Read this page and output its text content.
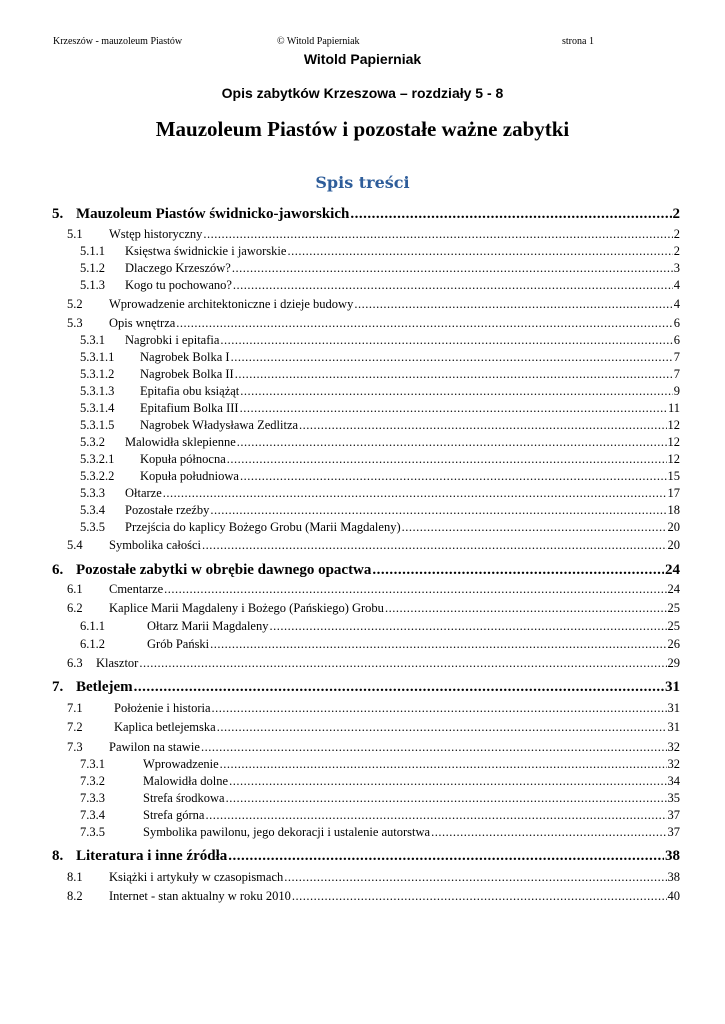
Krzeszów - mauzoleum Piastów	© Witold Papierniak	strona 1
Witold Papierniak
Opis zabytków Krzeszowa – rozdziały 5 - 8
Mauzoleum Piastów i pozostałe ważne zabytki
Spis treści
5. Mauzoleum Piastów świdnicko-jaworskich .....	2
5.1	Wstęp historyczny .....	2
5.1.1	Księstwa świdnickie i jaworskie .....	2
5.1.2	Dlaczego Krzeszów? .....	3
5.1.3	Kogo tu pochowano? .....	4
5.2	Wprowadzenie architektoniczne i dzieje budowy .....	4
5.3	Opis wnętrza .....	6
5.3.1	Nagrobki i epitafia .....	6
5.3.1.1	Nagrobek Bolka I .....	7
5.3.1.2	Nagrobek Bolka II .....	7
5.3.1.3	Epitafia obu książąt .....	9
5.3.1.4	Epitafium Bolka III .....	11
5.3.1.5	Nagrobek Władysława Zedlitza .....	12
5.3.2	Malowidła sklepienne .....	12
5.3.2.1	Kopuła północna .....	12
5.3.2.2	Kopuła południowa .....	15
5.3.3	Ołtarze .....	17
5.3.4	Pozostałe rzeźby .....	18
5.3.5	Przejścia do kaplicy Bożego Grobu (Marii Magdaleny) .....	20
5.4	Symbolika całości .....	20
6. Pozostałe zabytki w obrębie dawnego opactwa .....	24
6.1	Cmentarze .....	24
6.2	Kaplice Marii Magdaleny i Bożego (Pańskiego) Grobu .....	25
6.1.1	Ołtarz Marii Magdaleny .....	25
6.1.2	Grób Pański .....	26
6.3	Klasztor .....	29
7. Betlejem .....	31
7.1	Położenie i historia .....	31
7.2	Kaplica betlejemska .....	31
7.3	Pawilon na stawie .....	32
7.3.1	Wprowadzenie .....	32
7.3.2	Malowidła dolne .....	34
7.3.3	Strefa środkowa .....	35
7.3.4	Strefa górna .....	37
7.3.5	Symbolika pawilonu, jego dekoracji i ustalenie autorstwa .....	37
8. Literatura i inne źródła .....	38
8.1	Książki i artykuły w czasopismach .....	38
8.2	Internet - stan aktualny w roku 2010 .....	40
